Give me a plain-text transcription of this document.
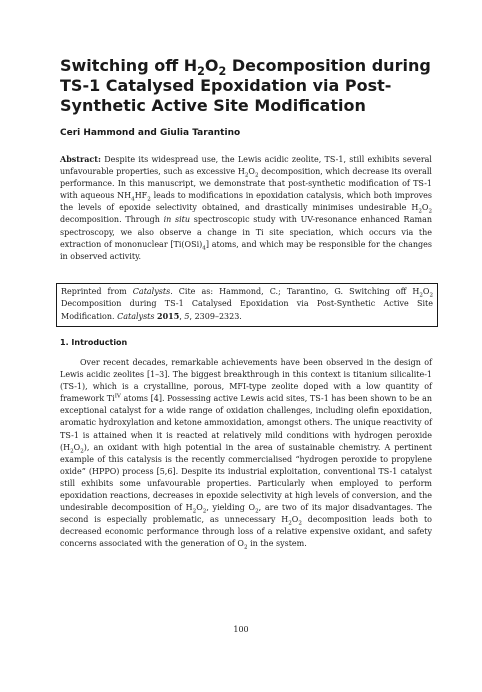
Switching off $H_2O_2$ Decomposition during TS-1 Catalysed Epoxidation via Post-Synthetic Active Site Modification

Ceri Hammond and Giulia Tarantino

Abstract: Despite its widespread use, the Lewis acidic zeolite, TS-1, still exhibits several unfavourable properties, such as excessive $H_2O_2$ decomposition, which decrease its overall performance. In this manuscript, we demonstrate that post-synthetic modification of TS-1 with aqueous $NH_4HF_2$ leads to modifications in epoxidation catalysis, which both improves the levels of epoxide selectivity obtained, and drastically minimises undesirable $H_2O_2$ decomposition. Through in situ spectroscopic study with UV-resonance enhanced Raman spectroscopy, we also observe a change in Ti site speciation, which occurs via the extraction of mononuclear $[Ti(OSi)_4]$ atoms, and which may be responsible for the changes in observed activity.

Reprinted from Catalysts. Cite as: Hammond, C.; Tarantino, G. Switching off $H_2O_2$ Decomposition during TS-1 Catalysed Epoxidation via Post-Synthetic Active Site Modification. Catalysts 2015, 5, 2309–2323.
1. Introduction

Over recent decades, remarkable achievements have been observed in the design of Lewis acidic zeolites [1–3]. The biggest breakthrough in this context is titanium silicalite-1 (TS-1), which is a crystalline, porous, MFI-type zeolite doped with a low quantity of framework $Ti^{IV}$ atoms [4]. Possessing active Lewis acid sites, TS-1 has been shown to be an exceptional catalyst for a wide range of oxidation challenges, including olefin epoxidation, aromatic hydroxylation and ketone ammoxidation, amongst others. The unique reactivity of TS-1 is attained when it is reacted at relatively mild conditions with hydrogen peroxide $(H_2O_2)$, an oxidant with high potential in the area of sustainable chemistry. A pertinent example of this catalysis is the recently commercialised “hydrogen peroxide to propylene oxide” (HPPO) process [5,6]. Despite its industrial exploitation, conventional TS-1 catalyst still exhibits some unfavourable properties. Particularly when employed to perform epoxidation reactions, decreases in epoxide selectivity at high levels of conversion, and the undesirable decomposition of $H_2O_2$, yielding $O_2$, are two of its major disadvantages. The second is especially problematic, as unnecessary $H_2O_2$ decomposition leads both to decreased economic performance through loss of a relative expensive oxidant, and safety concerns associated with the generation of $O_2$ in the system.

100
